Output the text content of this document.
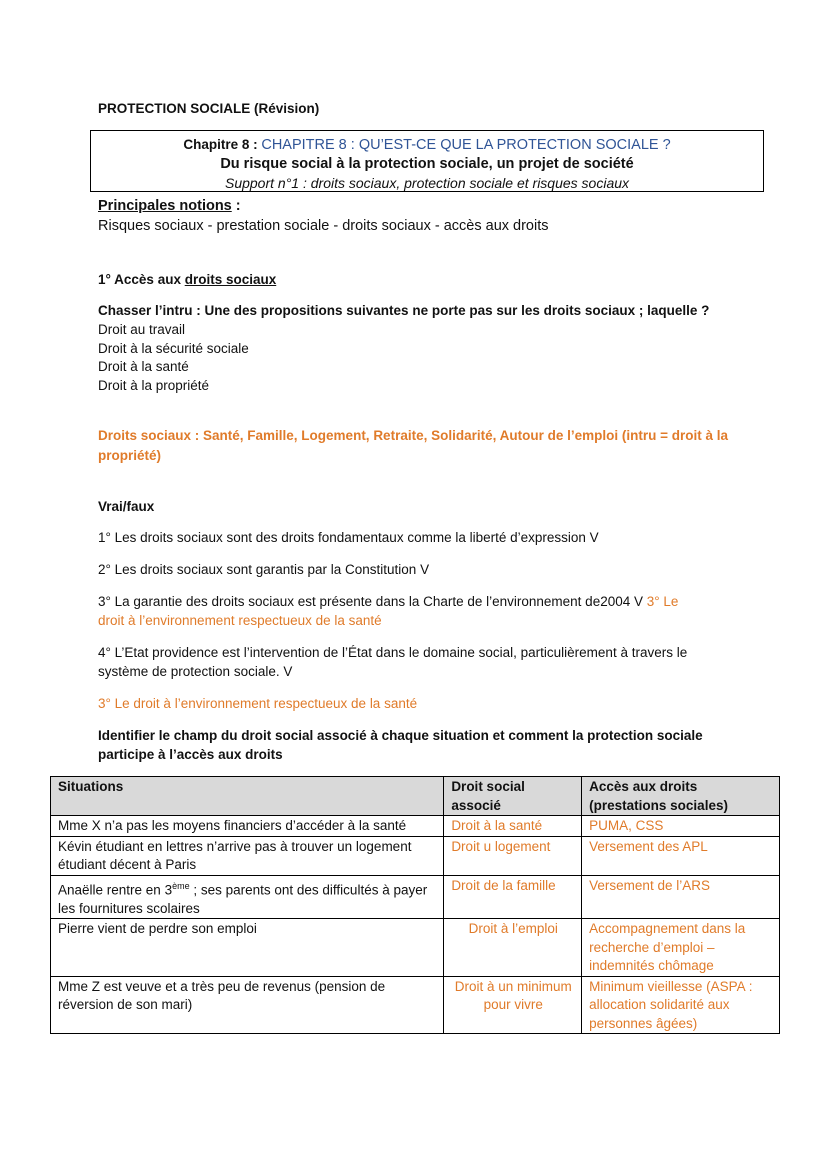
PROTECTION SOCIALE (Révision)
Chapitre 8 : CHAPITRE 8 : QU’EST-CE QUE LA PROTECTION SOCIALE ?
Du risque social à la protection sociale, un projet de société
Support n°1 : droits sociaux, protection sociale et risques sociaux
Principales notions :
Risques sociaux - prestation sociale - droits sociaux - accès aux droits
1° Accès aux droits sociaux
Chasser l’intru : Une des propositions suivantes ne porte pas sur les droits sociaux ; laquelle ?
Droit au travail
Droit à la sécurité sociale
Droit à la santé
Droit à la propriété
Droits sociaux : Santé, Famille, Logement, Retraite, Solidarité, Autour de l’emploi (intru = droit à la
propriété)
Vrai/faux
1° Les droits sociaux sont des droits fondamentaux comme la liberté d’expression V
2° Les droits sociaux sont garantis par la Constitution V
3° La garantie des droits sociaux est présente dans la Charte de l’environnement de2004 V 3° Le
droit à l’environnement respectueux de la santé
4° L’Etat providence est l’intervention de l’État dans le domaine social, particulièrement à travers le
système de protection sociale. V
3° Le droit à l’environnement respectueux de la santé
Identifier le champ du droit social associé à chaque situation et comment la protection sociale
participe à l’accès aux droits
Situations	Droit social associé	Accès aux droits (prestations sociales)
Mme X n’a pas les moyens financiers d’accéder à la santé	Droit à la santé	PUMA, CSS
Kévin étudiant en lettres n’arrive pas à trouver un logement étudiant décent à Paris	Droit u logement	Versement des APL
Anaëlle rentre en 3ème ; ses parents ont des difficultés à payer les fournitures scolaires	Droit de la famille	Versement de l’ARS
Pierre vient de perdre son emploi	Droit à l’emploi	Accompagnement dans la recherche d’emploi – indemnités chômage
Mme Z est veuve et a très peu de revenus (pension de réversion de son mari)	Droit à un minimum pour vivre	Minimum vieillesse (ASPA : allocation solidarité aux personnes âgées)
